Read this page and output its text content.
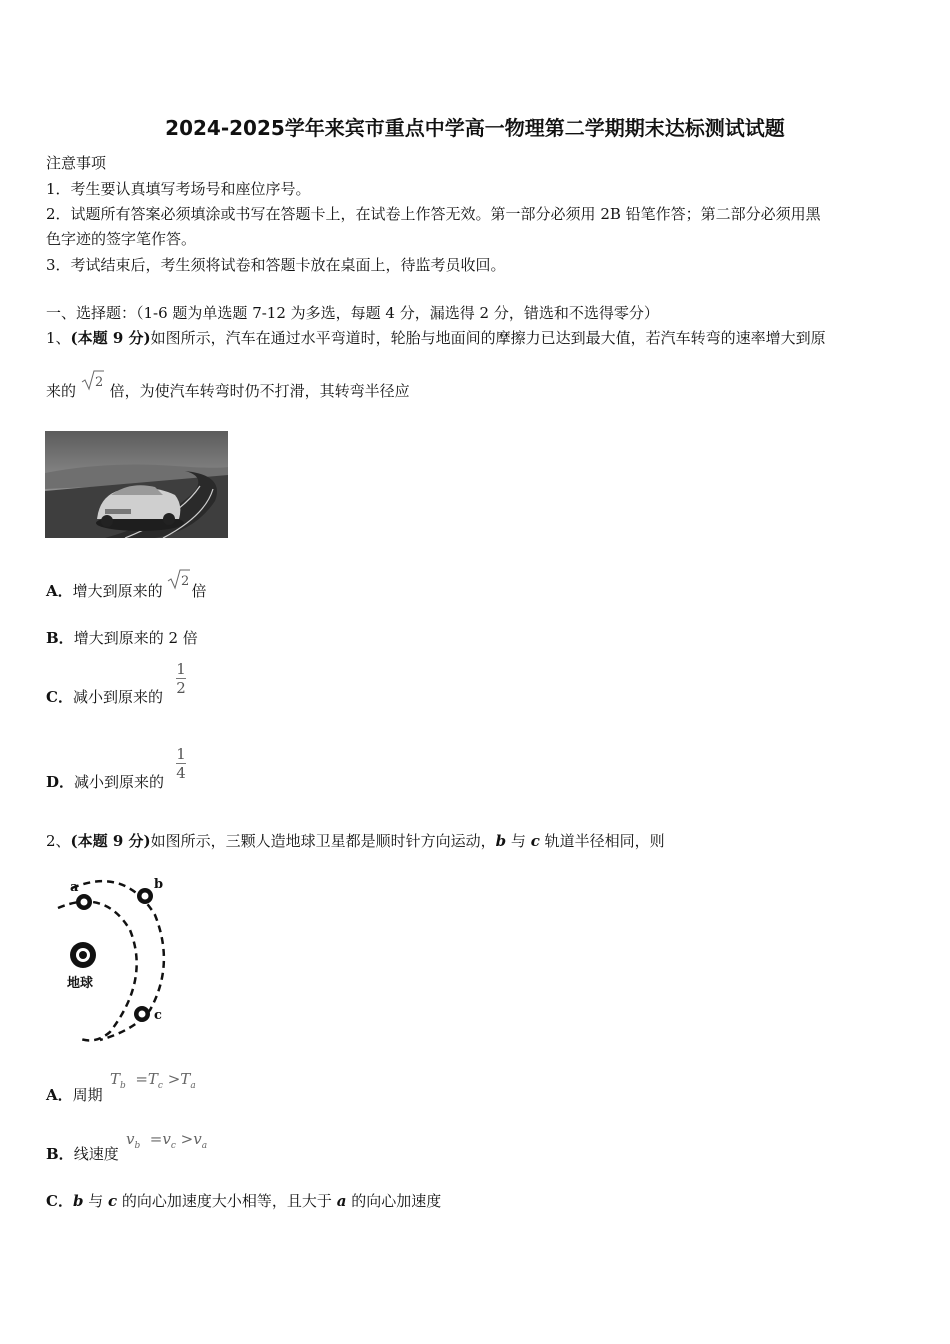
2024-2025学年来宾市重点中学高一物理第二学期期末达标测试试题
注意事项
1．考生要认真填写考场号和座位序号。
2．试题所有答案必须填涂或书写在答题卡上，在试卷上作答无效。第一部分必须用 2B 铅笔作答；第二部分必须用黑
色字迹的签字笔作答。
3．考试结束后，考生须将试卷和答题卡放在桌面上，待监考员收回。
一、选择题：（1-6 题为单选题 7-12 为多选，每题 4 分，漏选得 2 分，错选和不选得零分）
1、(本题 9 分)如图所示，汽车在通过水平弯道时，轮胎与地面间的摩擦力已达到最大值，若汽车转弯的速率增大到原
来的 2 倍，为使汽车转弯时仍不打滑，其转弯半径应
A．增大到原来的
2
倍
B．增大到原来的 2 倍
C．减小到原来的
1
2
D．减小到原来的
1
4
2、(本题 9 分)如图所示，三颗人造地球卫星都是顺时针方向运动，b 与 c 轨道半径相同，则
a	b
c
地球
A．周期
$T_b =T_c >T_a$
B．线速度
$v_b =v_c >v_a$
C．b 与 c 的向心加速度大小相等，且大于 a 的向心加速度
